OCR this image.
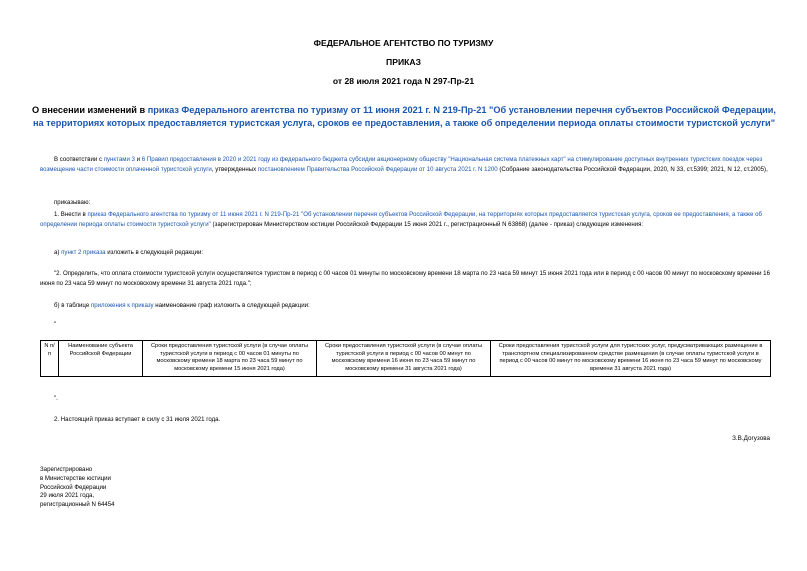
ФЕДЕРАЛЬНОЕ АГЕНТСТВО ПО ТУРИЗМУ
ПРИКАЗ
от 28 июля 2021 года N 297-Пр-21
О внесении изменений в приказ Федерального агентства по туризму от 11 июня 2021 г. N 219-Пр-21 "Об установлении перечня субъектов Российской Федерации, на территориях которых предоставляется туристская услуга, сроков ее предоставления, а также об определении периода оплаты стоимости туристской услуги"
В соответствии с пунктами 3 и 6 Правил предоставления в 2020 и 2021 году из федерального бюджета субсидии акционерному обществу "Национальная система платежных карт" на стимулирование доступных внутренних туристских поездок через возмещение части стоимости оплаченной туристской услуги, утвержденных постановлением Правительства Российской Федерации от 10 августа 2021 г. N 1200 (Собрание законодательства Российской Федерации, 2020, N 33, ст.5399; 2021, N 12, ст.2005),
приказываю:
1. Внести в приказ Федерального агентства по туризму от 11 июня 2021 г. N 219-Пр-21 "Об установлении перечня субъектов Российской Федерации, на территориях которых предоставляется туристская услуга, сроков ее предоставления, а также об определении периода оплаты стоимости туристской услуги" (зарегистрирован Министерством юстиции Российской Федерации 15 июня 2021 г., регистрационный N 63868) (далее - приказ) следующие изменения:
а) пункт 2 приказа изложить в следующей редакции:
"2. Определить, что оплата стоимости туристской услуги осуществляется туристом в период с 00 часов 01 минуты по московскому времени 18 марта по 23 часа 59 минут 15 июня 2021 года или в период с 00 часов 00 минут по московскому времени 16 июня по 23 часа 59 минут по московскому времени 31 августа 2021 года.";
б) в таблице приложения к приказу наименование граф изложить в следующей редакции:
"
N п/п	Наименование субъекта Российской Федерации	Сроки предоставления туристской услуги (в случае оплаты туристской услуги в период с 00 часов 01 минуты по московскому времени 18 марта по 23 часа 59 минут по московскому времени 15 июня 2021 года)	Сроки предоставления туристской услуги (в случае оплаты туристской услуги в период с 00 часов 00 минут по московскому времени 16 июня по 23 часа 59 минут по московскому времени 31 августа 2021 года)	Сроки предоставления туристской услуги для туристских услуг, предусматривающих размещение в транспортном специализированном средстве размещения (в случае оплаты туристской услуги в период с 00 часов 00 минут по московскому времени 16 июня по 23 часа 59 минут по московскому времени 31 августа 2021 года)
".
2. Настоящий приказ вступает в силу с 31 июля 2021 года.
З.В.Догузова
Зарегистрировано
в Министерстве юстиции
Российской Федерации
29 июля 2021 года,
регистрационный N 64454
